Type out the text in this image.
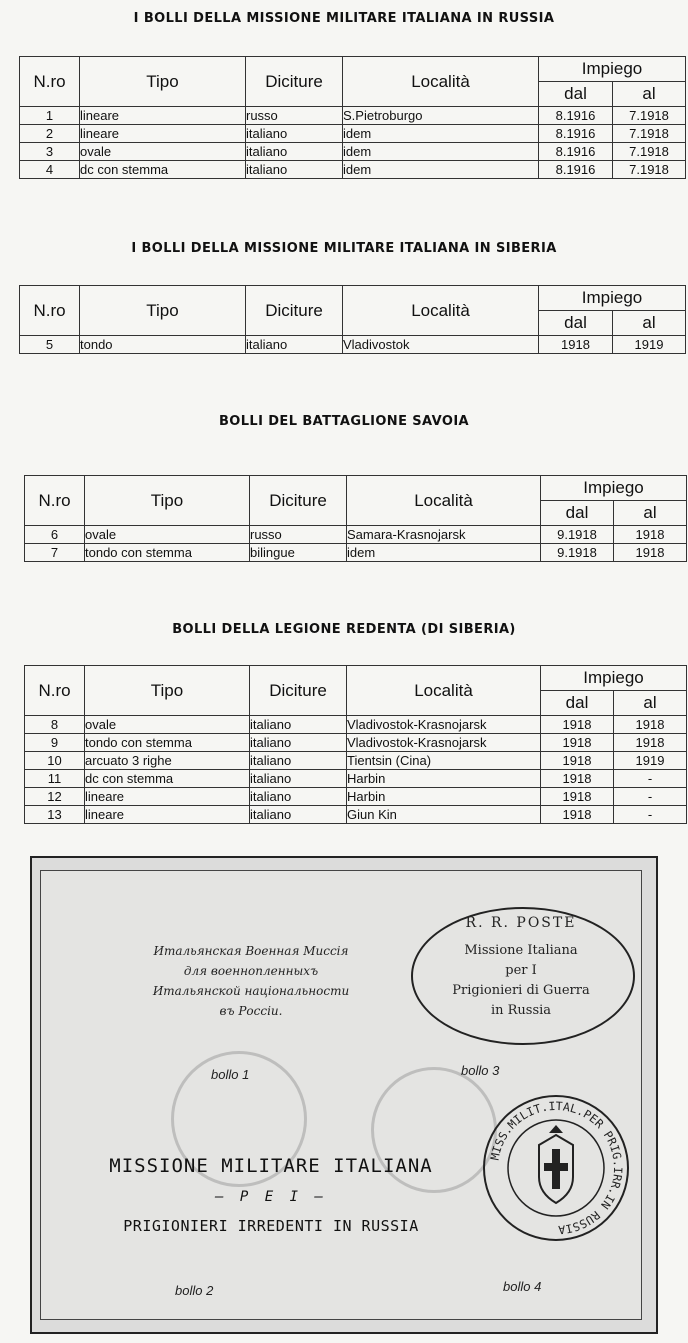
I BOLLI DELLA MISSIONE MILITARE ITALIANA IN RUSSIA
I BOLLI DELLA MISSIONE MILITARE ITALIANA IN SIBERIA
BOLLI DEL BATTAGLIONE SAVOIA
BOLLI DELLA LEGIONE REDENTA (DI SIBERIA)
N.ro	Tipo	Diciture	Località	Impiego	
				dal	al
1	lineare	russo	S.Pietroburgo	8.1916	7.1918
2	lineare	italiano	idem	8.1916	7.1918
3	ovale	italiano	idem	8.1916	7.1918
4	dc con stemma	italiano	idem	8.1916	7.1918
N.ro	Tipo	Diciture	Località	Impiego	
				dal	al
5	tondo	italiano	Vladivostok	1918	1919
N.ro	Tipo	Diciture	Località	Impiego	
				dal	al
6	ovale	russo	Samara-Krasnojarsk	9.1918	1918
7	tondo con stemma	bilingue	idem	9.1918	1918
N.ro	Tipo	Diciture	Località	Impiego	
				dal	al
8	ovale	italiano	Vladivostok-Krasnojarsk	1918	1918
9	tondo con stemma	italiano	Vladivostok-Krasnojarsk	1918	1918
10	arcuato 3 righe	italiano	Tientsin (Cina)	1918	1919
11	dc con stemma	italiano	Harbin	1918	-
12	lineare	italiano	Harbin	1918	-
13	lineare	italiano	Giun Kin	1918	-
Итальянская Военная Миссія
для военнопленныхъ
Итальянской національности
въ Россіи.
R. R. POSTE
Missione Italiana
per I
Prigionieri di Guerra
in Russia
bollo 1	bollo 3
bollo 2	bollo 4
MISSIONE MILITARE ITALIANA
— P E I —
PRIGIONIERI IRREDENTI IN RUSSIA
MISS.MILIT.ITAL.PER PRIG.IRR.IN RUSSIA
